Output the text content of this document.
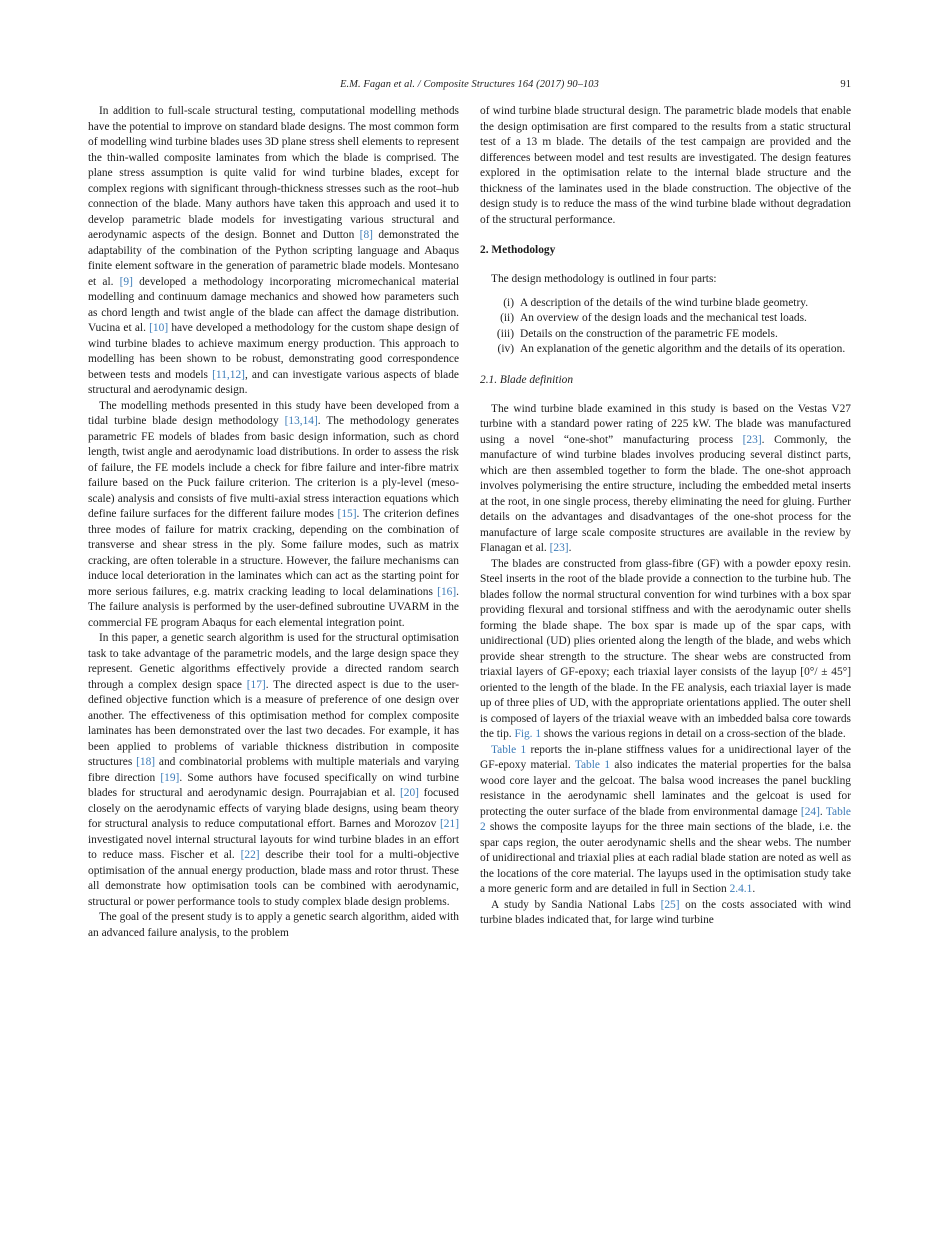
E.M. Fagan et al. / Composite Structures 164 (2017) 90–103	91

In addition to full-scale structural testing, computational modelling methods have the potential to improve on standard blade designs. The most common form of modelling wind turbine blades uses 3D plane stress shell elements to represent the thin-walled composite laminates from which the blade is comprised. The plane stress assumption is quite valid for wind turbine blades, except for complex regions with significant through-thickness stresses such as the root–hub connection of the blade. Many authors have taken this approach and used it to develop parametric blade models for investigating various structural and aerodynamic aspects of the design. Bonnet and Dutton [8] demonstrated the adaptability of the combination of the Python scripting language and Abaqus finite element software in the generation of parametric blade models. Montesano et al. [9] developed a methodology incorporating micromechanical material modelling and continuum damage mechanics and showed how parameters such as chord length and twist angle of the blade can affect the damage distribution. Vucina et al. [10] have developed a methodology for the custom shape design of wind turbine blades to achieve maximum energy production. This approach to modelling has been shown to be robust, demonstrating good correspondence between tests and models [11,12], and can investigate various aspects of blade structural and aerodynamic design.

The modelling methods presented in this study have been developed from a tidal turbine blade design methodology [13,14]. The methodology generates parametric FE models of blades from basic design information, such as chord length, twist angle and aerodynamic load distributions. In order to assess the risk of failure, the FE models include a check for fibre failure and inter-fibre matrix failure based on the Puck failure criterion. The criterion is a ply-level (meso-scale) analysis and consists of five multi-axial stress interaction equations which define failure surfaces for the different failure modes [15]. The criterion defines three modes of failure for matrix cracking, depending on the combination of transverse and shear stress in the ply. Some failure modes, such as matrix cracking, are often tolerable in a structure. However, the failure mechanisms can induce local deterioration in the laminates which can act as the starting point for more serious failures, e.g. matrix cracking leading to local delaminations [16]. The failure analysis is performed by the user-defined subroutine UVARM in the commercial FE program Abaqus for each elemental integration point.

In this paper, a genetic search algorithm is used for the structural optimisation task to take advantage of the parametric models, and the large design space they represent. Genetic algorithms effectively provide a directed random search through a complex design space [17]. The directed aspect is due to the user-defined objective function which is a measure of preference of one design over another. The effectiveness of this optimisation method for complex composite laminates has been demonstrated over the last two decades. For example, it has been applied to problems of variable thickness distribution in composite structures [18] and combinatorial problems with multiple materials and varying fibre direction [19]. Some authors have focused specifically on wind turbine blades for structural and aerodynamic design. Pourrajabian et al. [20] focused closely on the aerodynamic effects of varying blade designs, using beam theory for structural analysis to reduce computational effort. Barnes and Morozov [21] investigated novel internal structural layouts for wind turbine blades in an effort to reduce mass. Fischer et al. [22] describe their tool for a multi-objective optimisation of the annual energy production, blade mass and rotor thrust. These all demonstrate how optimisation tools can be combined with aerodynamic, structural or power performance tools to study complex blade design problems.

The goal of the present study is to apply a genetic search algorithm, aided with an advanced failure analysis, to the problem

of wind turbine blade structural design. The parametric blade models that enable the design optimisation are first compared to the results from a static structural test of a 13 m blade. The details of the test campaign are provided and the differences between model and test results are investigated. The design features explored in the optimisation relate to the internal blade structure and the thickness of the laminates used in the blade construction. The objective of the design study is to reduce the mass of the wind turbine blade without degradation of the structural performance.

2. Methodology

The design methodology is outlined in four parts:

(i) A description of the details of the wind turbine blade geometry.
(ii) An overview of the design loads and the mechanical test loads.
(iii) Details on the construction of the parametric FE models.
(iv) An explanation of the genetic algorithm and the details of its operation.
2.1. Blade definition

The wind turbine blade examined in this study is based on the Vestas V27 turbine with a standard power rating of 225 kW. The blade was manufactured using a novel “one-shot” manufacturing process [23]. Commonly, the manufacture of wind turbine blades involves producing several distinct parts, which are then assembled together to form the blade. The one-shot approach involves polymerising the entire structure, including the embedded metal inserts at the root, in one single process, thereby eliminating the need for gluing. Further details on the advantages and disadvantages of the one-shot process for the manufacture of large scale composite structures are available in the review by Flanagan et al. [23].

The blades are constructed from glass-fibre (GF) with a powder epoxy resin. Steel inserts in the root of the blade provide a connection to the turbine hub. The blades follow the normal structural convention for wind turbines with a box spar providing flexural and torsional stiffness and with the aerodynamic outer shells forming the blade shape. The box spar is made up of the spar caps, with unidirectional (UD) plies oriented along the length of the blade, and webs which provide shear strength to the structure. The shear webs are constructed from triaxial layers of GF-epoxy; each triaxial layer consists of the layup [0°/ ± 45°] oriented to the length of the blade. In the FE analysis, each triaxial layer is made up of three plies of UD, with the appropriate orientations applied. The outer shell is composed of layers of the triaxial weave with an imbedded balsa core towards the tip. Fig. 1 shows the various regions in detail on a cross-section of the blade.

Table 1 reports the in-plane stiffness values for a unidirectional layer of the GF-epoxy material. Table 1 also indicates the material properties for the balsa wood core layer and the gelcoat. The balsa wood increases the panel buckling resistance in the aerodynamic shell laminates and the gelcoat is used for protecting the outer surface of the blade from environmental damage [24]. Table 2 shows the composite layups for the three main sections of the blade, i.e. the spar caps region, the outer aerodynamic shells and the shear webs. The number of unidirectional and triaxial plies at each radial blade station are noted as well as the locations of the core material. The layups used in the optimisation study take a more generic form and are detailed in full in Section 2.4.1.

A study by Sandia National Labs [25] on the costs associated with wind turbine blades indicated that, for large wind turbine
